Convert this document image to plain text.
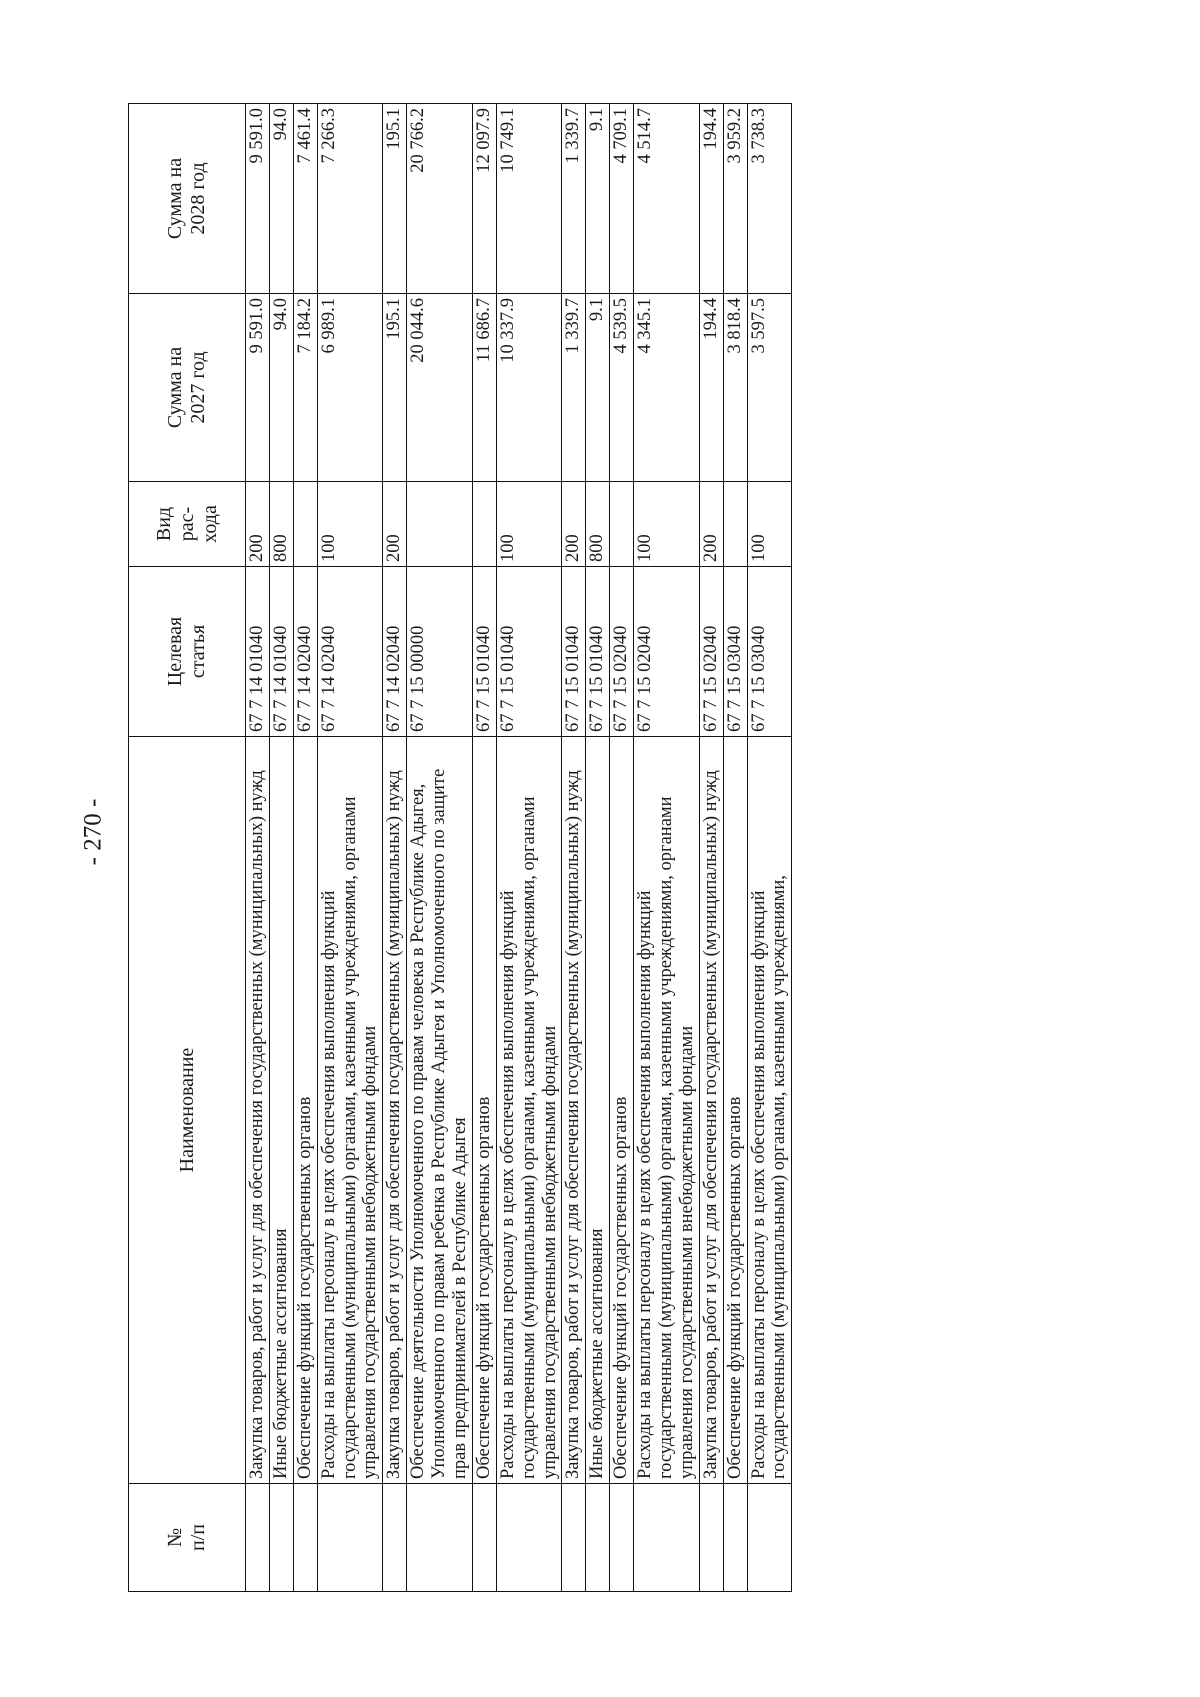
- 270 -
№
п/п	Наименование	Целевая
статья	Вид
рас-
хода	Сумма на
2027 год	Сумма на
2028 год
	Закупка товаров, работ и услуг для обеспечения государственных (муниципальных) нужд	67 7 14 01040	200	9 591.0	9 591.0
	Иные бюджетные ассигнования	67 7 14 01040	800	94.0	94.0
	Обеспечение функций государственных органов	67 7 14 02040		7 184.2	7 461.4
	Расходы на выплаты персоналу в целях обеспечения выполнения функций государственными (муниципальными) органами, казенными учреждениями, органами управления государственными внебюджетными фондами	67 7 14 02040	100	6 989.1	7 266.3
	Закупка товаров, работ и услуг для обеспечения государственных (муниципальных) нужд	67 7 14 02040	200	195.1	195.1
	Обеспечение деятельности Уполномоченного по правам человека в Республике Адыгея, Уполномоченного по правам ребенка в Республике Адыгея и Уполномоченного по защите прав предпринимателей в Республике Адыгея	67 7 15 00000		20 044.6	20 766.2
	Обеспечение функций государственных органов	67 7 15 01040		11 686.7	12 097.9
	Расходы на выплаты персоналу в целях обеспечения выполнения функций государственными (муниципальными) органами, казенными учреждениями, органами управления государственными внебюджетными фондами	67 7 15 01040	100	10 337.9	10 749.1
	Закупка товаров, работ и услуг для обеспечения государственных (муниципальных) нужд	67 7 15 01040	200	1 339.7	1 339.7
	Иные бюджетные ассигнования	67 7 15 01040	800	9.1	9.1
	Обеспечение функций государственных органов	67 7 15 02040		4 539.5	4 709.1
	Расходы на выплаты персоналу в целях обеспечения выполнения функций государственными (муниципальными) органами, казенными учреждениями, органами управления государственными внебюджетными фондами	67 7 15 02040	100	4 345.1	4 514.7
	Закупка товаров, работ и услуг для обеспечения государственных (муниципальных) нужд	67 7 15 02040	200	194.4	194.4
	Обеспечение функций государственных органов	67 7 15 03040		3 818.4	3 959.2
	Расходы на выплаты персоналу в целях обеспечения выполнения функций государственными (муниципальными) органами, казенными учреждениями,	67 7 15 03040	100	3 597.5	3 738.3
